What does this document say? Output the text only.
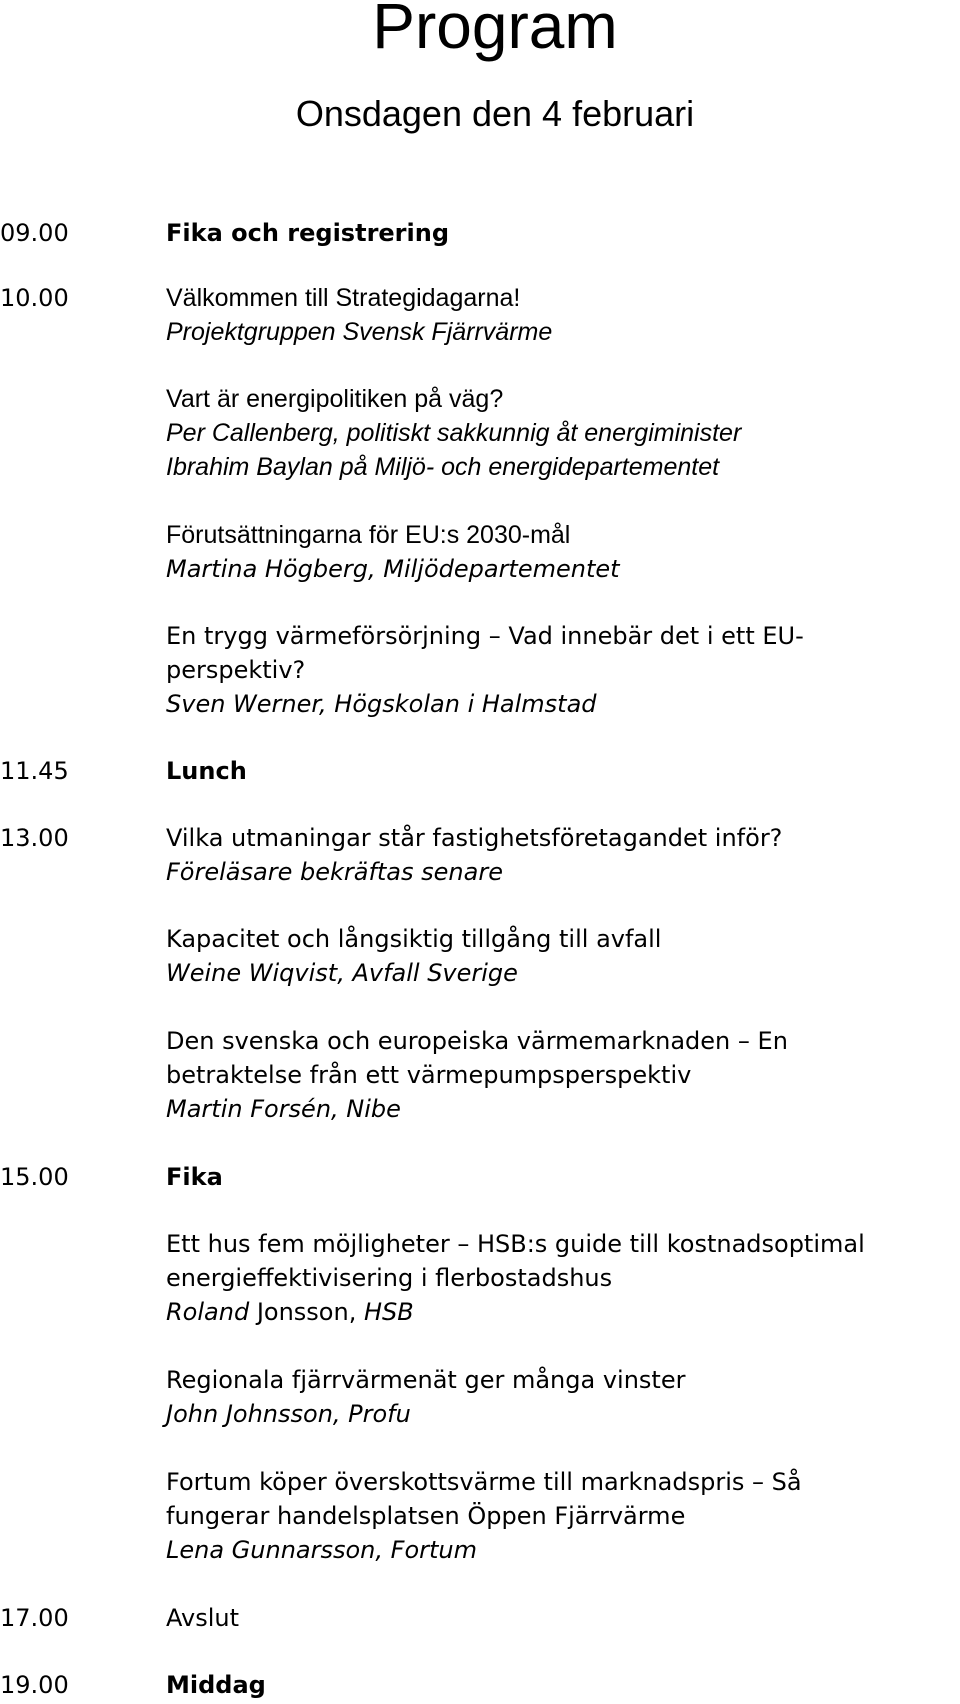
Program
Onsdagen den 4 februari
09.00	Fika och registrering
10.00	Välkommen till Strategidagarna!
Projektgruppen Svensk Fjärrvärme
Vart är energipolitiken på väg?
Per Callenberg, politiskt sakkunnig åt energiminister
Ibrahim Baylan på Miljö- och energidepartementet
Förutsättningarna för EU:s 2030-mål
Martina Högberg, Miljödepartementet
En trygg värmeförsörjning – Vad innebär det i ett EU-
perspektiv?
Sven Werner, Högskolan i Halmstad
11.45	Lunch
13.00	Vilka utmaningar står fastighetsföretagandet inför?
Föreläsare bekräftas senare
Kapacitet och långsiktig tillgång till avfall
Weine Wiqvist, Avfall Sverige
Den svenska och europeiska värmemarknaden – En
betraktelse från ett värmepumpsperspektiv
Martin Forsén, Nibe
15.00	Fika
Ett hus fem möjligheter – HSB:s guide till kostnadsoptimal
energieffektivisering i flerbostadshus
Roland Jonsson, HSB
Regionala fjärrvärmenät ger många vinster
John Johnsson, Profu
Fortum köper överskottsvärme till marknadspris – Så
fungerar handelsplatsen Öppen Fjärrvärme
Lena Gunnarsson, Fortum
17.00	Avslut
19.00	Middag
